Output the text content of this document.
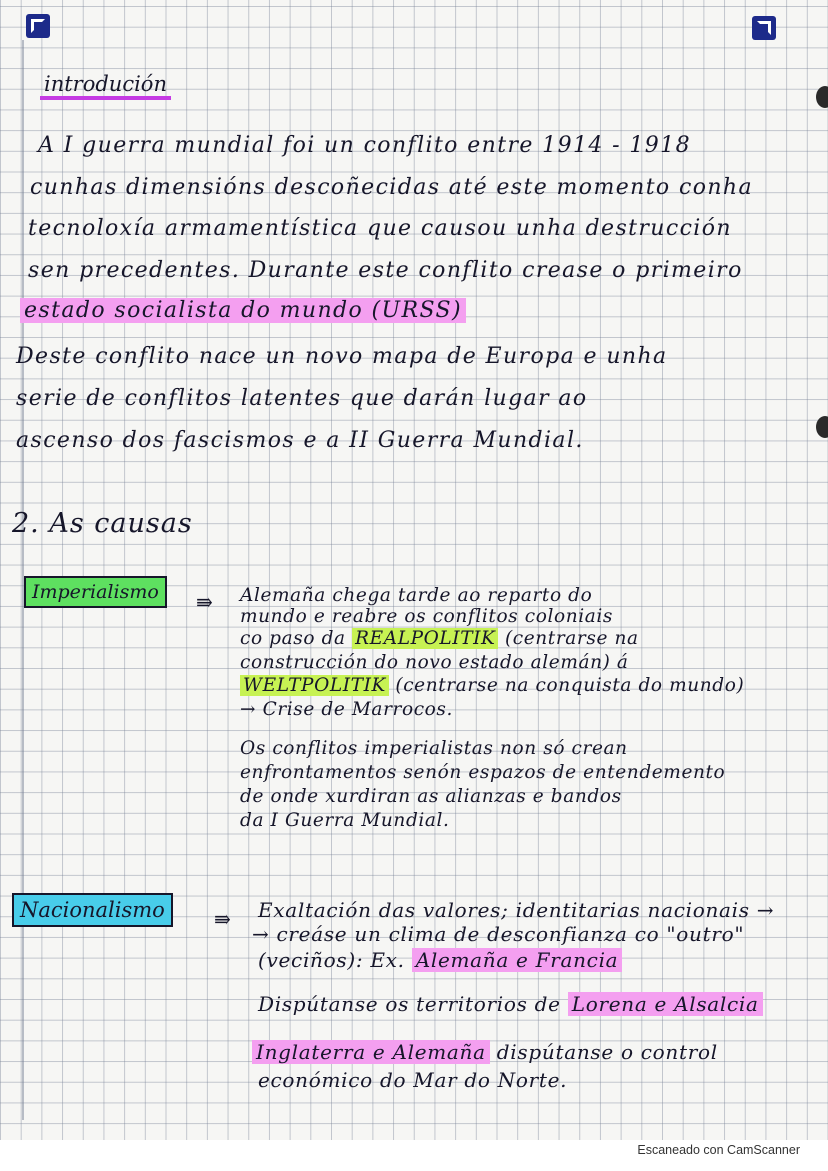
introdución
A I guerra mundial foi un conflito entre 1914 - 1918
cunhas dimensións descoñecidas até este momento conha
tecnoloxía armamentística que causou unha destrucción
sen precedentes. Durante este conflito crease o primeiro
estado socialista do mundo (URSS)
Deste conflito nace un novo mapa de Europa e unha
serie de conflitos latentes que darán lugar ao
ascenso dos fascismos e a II Guerra Mundial.
2. As causas
Imperialismo	⇛ Alemaña chega tarde ao reparto do
mundo e reabre os conflitos coloniais
co paso da REALPOLITIK (centrarse na
construcción do novo estado alemán) á
WELTPOLITIK (centrarse na conquista do mundo)
→ Crise de Marrocos.
Os conflitos imperialistas non só crean
enfrontamentos senón espazos de entendemento
de onde xurdiran as alianzas e bandos
da I Guerra Mundial.
Nacionalismo	⇛ Exaltación das valores; identitarias nacionais →
→ creáse un clima de desconfianza co "outro"
(veciños): Ex. Alemaña e Francia
Dispútanse os territorios de Lorena e Alsalcia
Inglaterra e Alemaña dispútanse o control
económico do Mar do Norte.
Escaneado con CamScanner
